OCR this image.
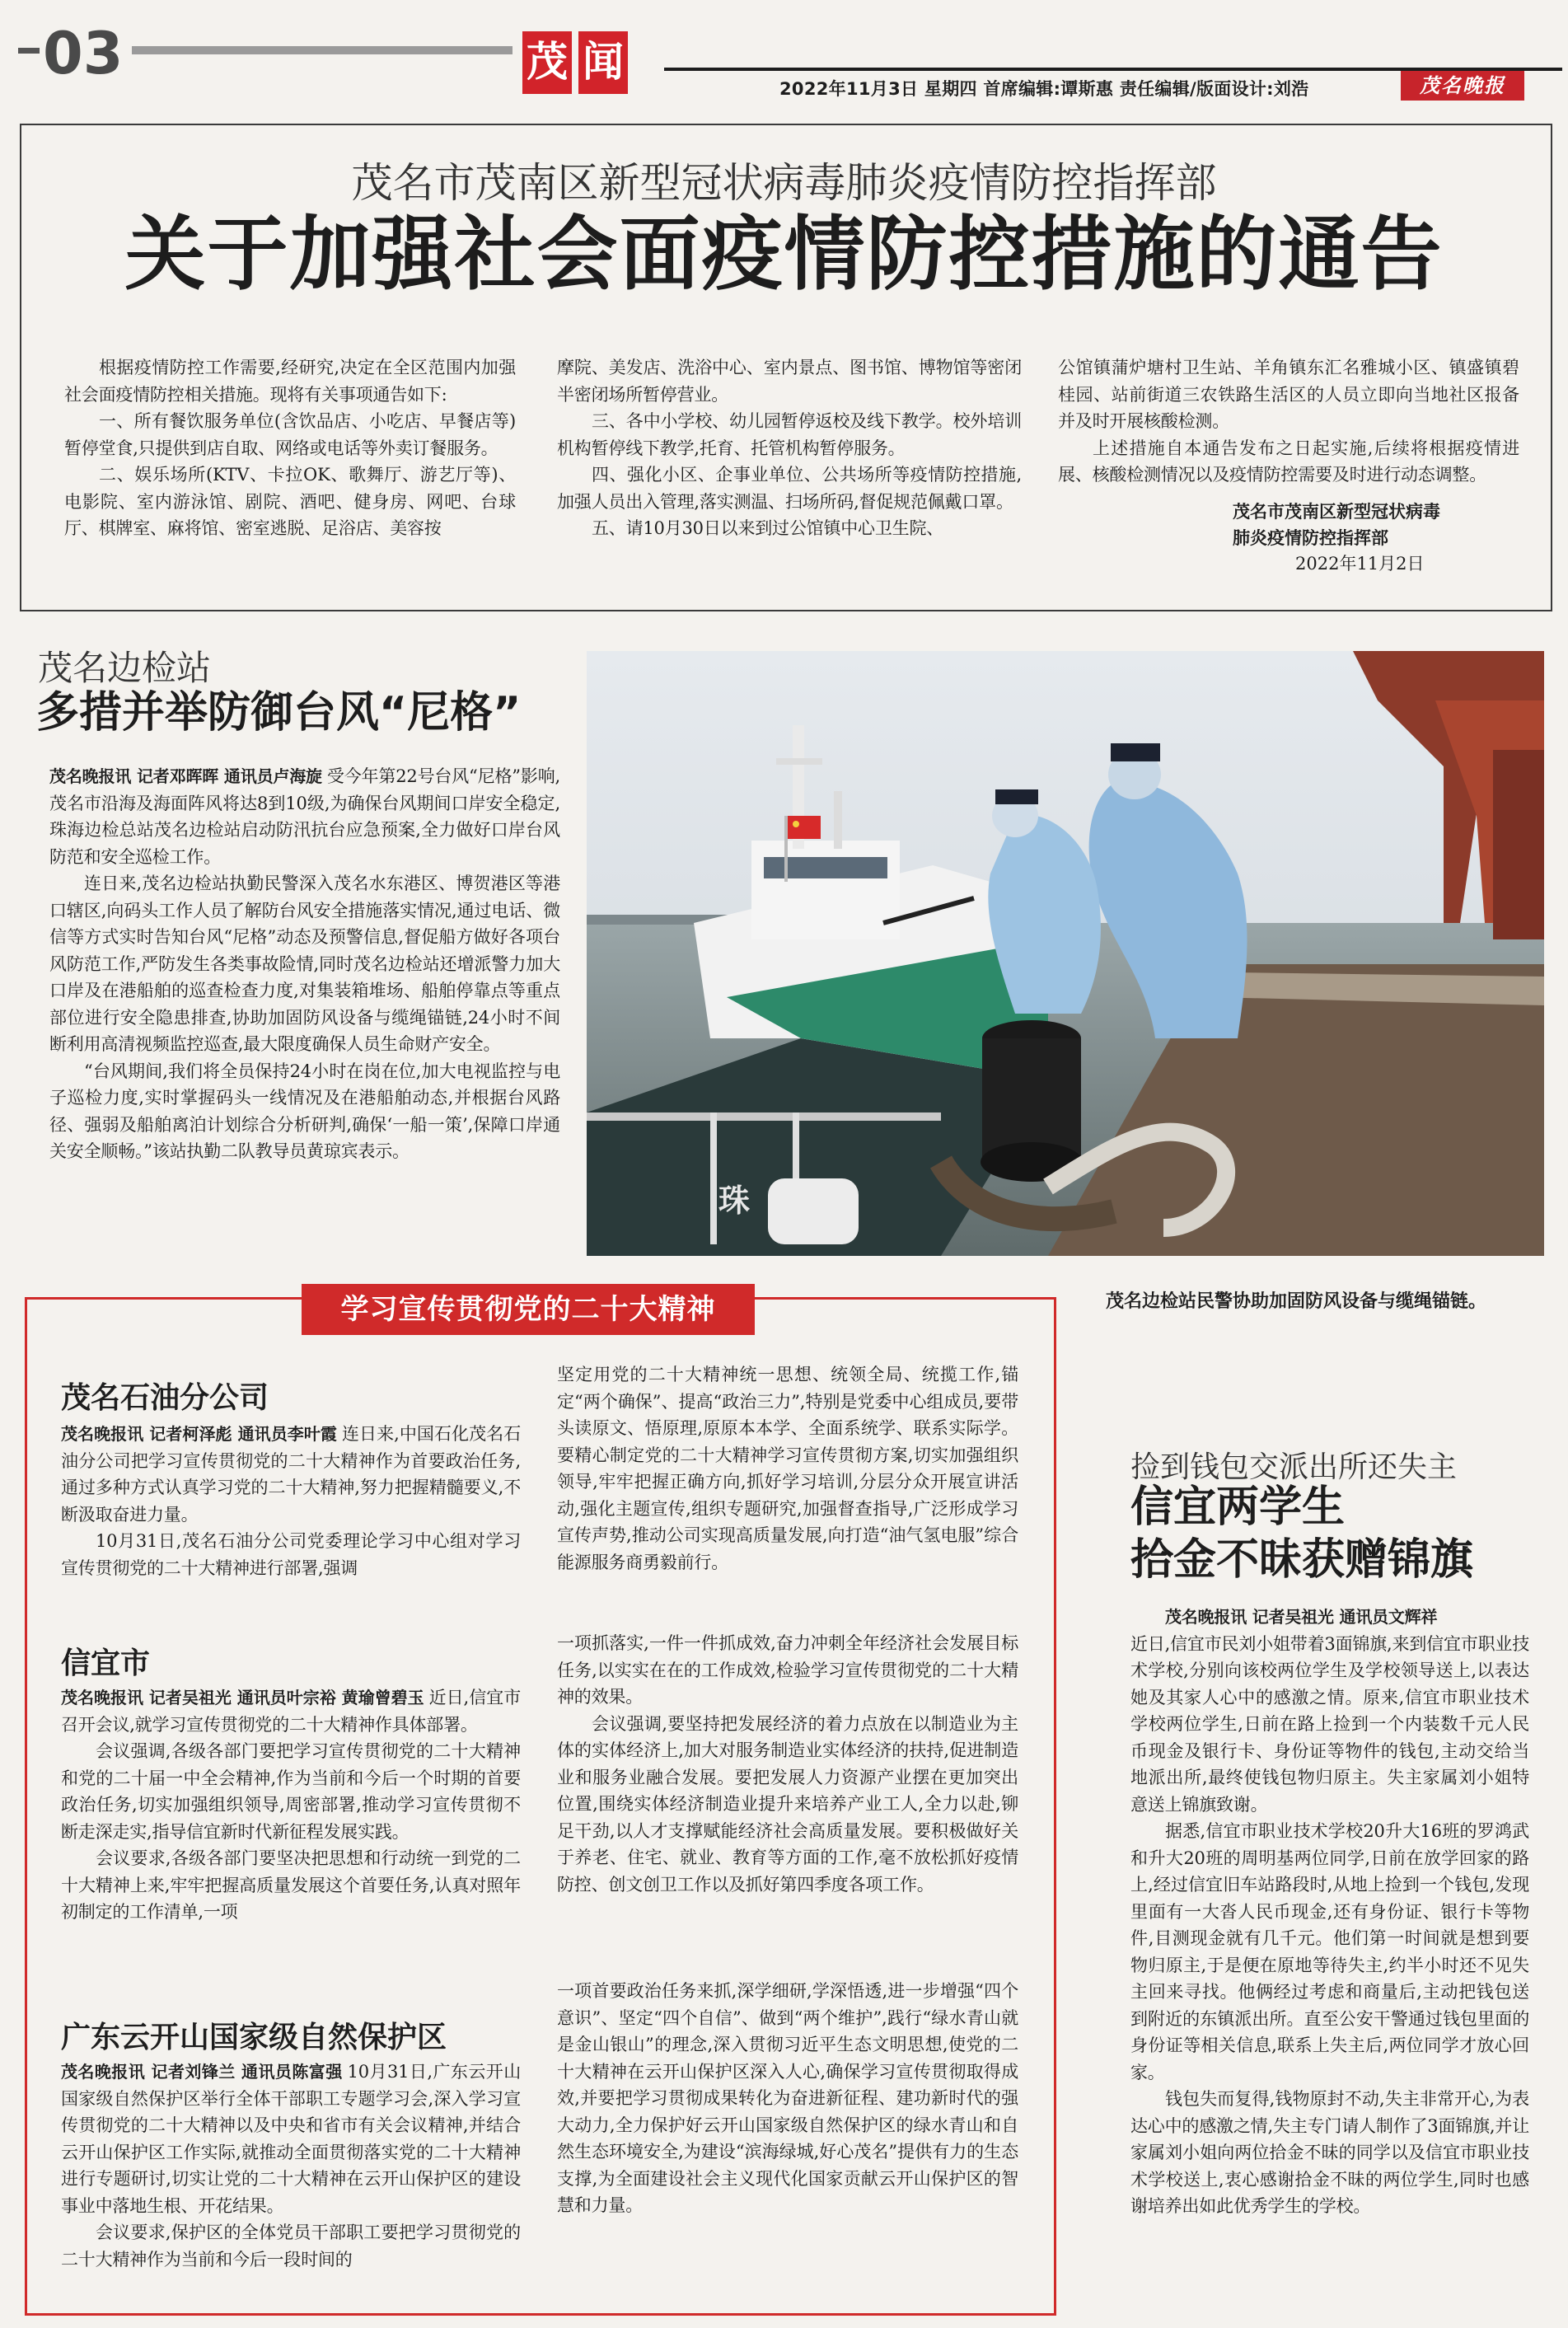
03	茂 闻
2022年11月3日 星期四 首席编辑:谭斯惠 责任编辑/版面设计:刘浩	茂名晚报
茂名市茂南区新型冠状病毒肺炎疫情防控指挥部
关于加强社会面疫情防控措施的通告

根据疫情防控工作需要,经研究,决定在全区范围内加强社会面疫情防控相关措施。现将有关事项通告如下:

一、所有餐饮服务单位(含饮品店、小吃店、早餐店等)暂停堂食,只提供到店自取、网络或电话等外卖订餐服务。

二、娱乐场所(KTV、卡拉OK、歌舞厅、游艺厅等)、电影院、室内游泳馆、剧院、酒吧、健身房、网吧、台球厅、棋牌室、麻将馆、密室逃脱、足浴店、美容按

摩院、美发店、洗浴中心、室内景点、图书馆、博物馆等密闭半密闭场所暂停营业。

三、各中小学校、幼儿园暂停返校及线下教学。校外培训机构暂停线下教学,托育、托管机构暂停服务。

四、强化小区、企事业单位、公共场所等疫情防控措施,加强人员出入管理,落实测温、扫场所码,督促规范佩戴口罩。

五、请10月30日以来到过公馆镇中心卫生院、

公馆镇蒲炉塘村卫生站、羊角镇东汇名雅城小区、镇盛镇碧桂园、站前街道三农铁路生活区的人员立即向当地社区报备并及时开展核酸检测。

上述措施自本通告发布之日起实施,后续将根据疫情进展、核酸检测情况以及疫情防控需要及时进行动态调整。

茂名市茂南区新型冠状病毒

肺炎疫情防控指挥部

2022年11月2日

茂名边检站
多措并举防御台风“尼格”

茂名晚报讯 记者邓晖晖 通讯员卢海旋 受今年第22号台风“尼格”影响,茂名市沿海及海面阵风将达8到10级,为确保台风期间口岸安全稳定,珠海边检总站茂名边检站启动防汛抗台应急预案,全力做好口岸台风防范和安全巡检工作。

连日来,茂名边检站执勤民警深入茂名水东港区、博贺港区等港口辖区,向码头工作人员了解防台风安全措施落实情况,通过电话、微信等方式实时告知台风“尼格”动态及预警信息,督促船方做好各项台风防范工作,严防发生各类事故险情,同时茂名边检站还增派警力加大口岸及在港船舶的巡查检查力度,对集装箱堆场、船舶停靠点等重点部位进行安全隐患排查,协助加固防风设备与缆绳锚链,24小时不间断利用高清视频监控巡查,最大限度确保人员生命财产安全。

“台风期间,我们将全员保持24小时在岗在位,加大电视监控与电子巡检力度,实时掌握码头一线情况及在港船舶动态,并根据台风路径、强弱及船舶离泊计划综合分析研判,确保‘一船一策’,保障口岸通关安全顺畅。”该站执勤二队教导员黄琼宾表示。

珠
茂名边检站民警协助加固防风设备与缆绳锚链。
学习宣传贯彻党的二十大精神
茂名石油分公司

茂名晚报讯 记者柯泽彪 通讯员李叶霞 连日来,中国石化茂名石油分公司把学习宣传贯彻党的二十大精神作为首要政治任务,通过多种方式认真学习党的二十大精神,努力把握精髓要义,不断汲取奋进力量。

10月31日,茂名石油分公司党委理论学习中心组对学习宣传贯彻党的二十大精神进行部署,强调

信宜市

茂名晚报讯 记者吴祖光 通讯员叶宗裕 黄瑜曾碧玉 近日,信宜市召开会议,就学习宣传贯彻党的二十大精神作具体部署。

会议强调,各级各部门要把学习宣传贯彻党的二十大精神和党的二十届一中全会精神,作为当前和今后一个时期的首要政治任务,切实加强组织领导,周密部署,推动学习宣传贯彻不断走深走实,指导信宜新时代新征程发展实践。

会议要求,各级各部门要坚决把思想和行动统一到党的二十大精神上来,牢牢把握高质量发展这个首要任务,认真对照年初制定的工作清单,一项

广东云开山国家级自然保护区

茂名晚报讯 记者刘锋兰 通讯员陈富强 10月31日,广东云开山国家级自然保护区举行全体干部职工专题学习会,深入学习宣传贯彻党的二十大精神以及中央和省市有关会议精神,并结合云开山保护区工作实际,就推动全面贯彻落实党的二十大精神进行专题研讨,切实让党的二十大精神在云开山保护区的建设事业中落地生根、开花结果。

会议要求,保护区的全体党员干部职工要把学习贯彻党的二十大精神作为当前和今后一段时间的

坚定用党的二十大精神统一思想、统领全局、统揽工作,锚定“两个确保”、提高“政治三力”,特别是党委中心组成员,要带头读原文、悟原理,原原本本学、全面系统学、联系实际学。要精心制定党的二十大精神学习宣传贯彻方案,切实加强组织领导,牢牢把握正确方向,抓好学习培训,分层分众开展宣讲活动,强化主题宣传,组织专题研究,加强督查指导,广泛形成学习宣传声势,推动公司实现高质量发展,向打造“油气氢电服”综合能源服务商勇毅前行。

一项抓落实,一件一件抓成效,奋力冲刺全年经济社会发展目标任务,以实实在在的工作成效,检验学习宣传贯彻党的二十大精神的效果。

会议强调,要坚持把发展经济的着力点放在以制造业为主体的实体经济上,加大对服务制造业实体经济的扶持,促进制造业和服务业融合发展。要把发展人力资源产业摆在更加突出位置,围绕实体经济制造业提升来培养产业工人,全力以赴,铆足干劲,以人才支撑赋能经济社会高质量发展。要积极做好关于养老、住宅、就业、教育等方面的工作,毫不放松抓好疫情防控、创文创卫工作以及抓好第四季度各项工作。

一项首要政治任务来抓,深学细研,学深悟透,进一步增强“四个意识”、坚定“四个自信”、做到“两个维护”,践行“绿水青山就是金山银山”的理念,深入贯彻习近平生态文明思想,使党的二十大精神在云开山保护区深入人心,确保学习宣传贯彻取得成效,并要把学习贯彻成果转化为奋进新征程、建功新时代的强大动力,全力保护好云开山国家级自然保护区的绿水青山和自然生态环境安全,为建设“滨海绿城,好心茂名”提供有力的生态支撑,为全面建设社会主义现代化国家贡献云开山保护区的智慧和力量。

捡到钱包交派出所还失主
信宜两学生
拾金不昧获赠锦旗

茂名晚报讯 记者吴祖光 通讯员文辉祥

近日,信宜市民刘小姐带着3面锦旗,来到信宜市职业技术学校,分别向该校两位学生及学校领导送上,以表达她及其家人心中的感激之情。原来,信宜市职业技术学校两位学生,日前在路上捡到一个内装数千元人民币现金及银行卡、身份证等物件的钱包,主动交给当地派出所,最终使钱包物归原主。失主家属刘小姐特意送上锦旗致谢。

据悉,信宜市职业技术学校20升大16班的罗鸿武和升大20班的周明基两位同学,日前在放学回家的路上,经过信宜旧车站路段时,从地上捡到一个钱包,发现里面有一大沓人民币现金,还有身份证、银行卡等物件,目测现金就有几千元。他们第一时间就是想到要物归原主,于是便在原地等待失主,约半小时还不见失主回来寻找。他俩经过考虑和商量后,主动把钱包送到附近的东镇派出所。直至公安干警通过钱包里面的身份证等相关信息,联系上失主后,两位同学才放心回家。

钱包失而复得,钱物原封不动,失主非常开心,为表达心中的感激之情,失主专门请人制作了3面锦旗,并让家属刘小姐向两位拾金不昧的同学以及信宜市职业技术学校送上,衷心感谢拾金不昧的两位学生,同时也感谢培养出如此优秀学生的学校。
